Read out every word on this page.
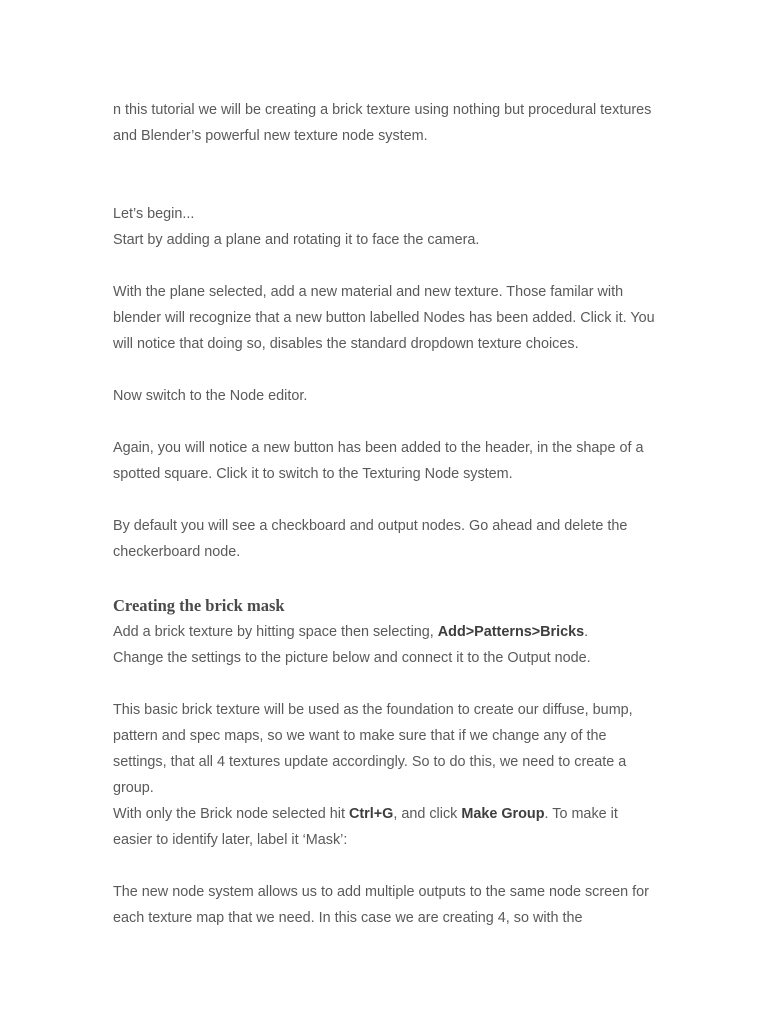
n this tutorial we will be creating a brick texture using nothing but procedural textures and Blender’s powerful new texture node system.

Let’s begin...
Start by adding a plane and rotating it to face the camera.

With the plane selected, add a new material and new texture. Those familar with blender will recognize that a new button labelled Nodes has been added. Click it. You will notice that doing so, disables the standard dropdown texture choices.

Now switch to the Node editor.

Again, you will notice a new button has been added to the header, in the shape of a spotted square. Click it to switch to the Texturing Node system.

By default you will see a checkboard and output nodes. Go ahead and delete the checkerboard node.

Creating the brick mask

Add a brick texture by hitting space then selecting, Add>Patterns>Bricks.
Change the settings to the picture below and connect it to the Output node.

This basic brick texture will be used as the foundation to create our diffuse, bump, pattern and spec maps, so we want to make sure that if we change any of the settings, that all 4 textures update accordingly. So to do this, we need to create a group.

With only the Brick node selected hit Ctrl+G, and click Make Group. To make it easier to identify later, label it ‘Mask’:

The new node system allows us to add multiple outputs to the same node screen for each texture map that we need. In this case we are creating 4, so with the
